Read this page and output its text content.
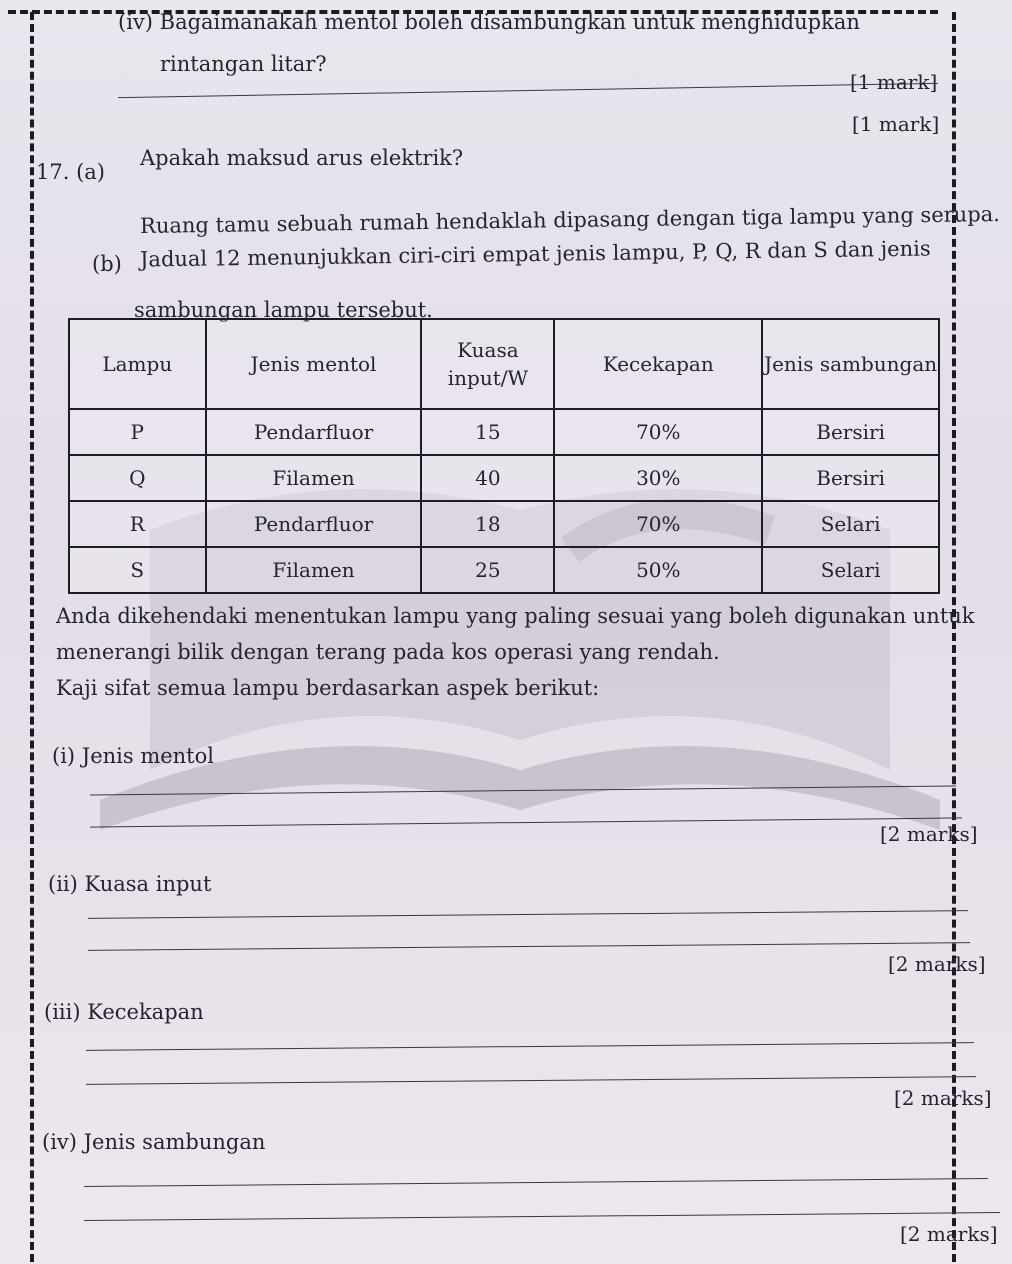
(iv) Bagaimanakah mentol boleh disambungkan untuk menghidupkan
rintangan litar?
[1 mark]
[1 mark]
17. (a)
Apakah maksud arus elektrik?
(b)
Ruang tamu sebuah rumah hendaklah dipasang dengan tiga lampu yang serupa.
Jadual 12 menunjukkan ciri-ciri empat jenis lampu, P, Q, R dan S dan jenis
sambungan lampu tersebut.
Lampu	Jenis mentol	Kuasa input/W	Kecekapan	Jenis sambungan
P	Pendarfluor	15	70%	Bersiri
Q	Filamen	40	30%	Bersiri
R	Pendarfluor	18	70%	Selari
S	Filamen	25	50%	Selari
Anda dikehendaki menentukan lampu yang paling sesuai yang boleh digunakan untuk
menerangi bilik dengan terang pada kos operasi yang rendah.
Kaji sifat semua lampu berdasarkan aspek berikut:
(i) Jenis mentol
[2 marks]
(ii) Kuasa input
[2 marks]
(iii) Kecekapan
[2 marks]
(iv) Jenis sambungan
[2 marks]
